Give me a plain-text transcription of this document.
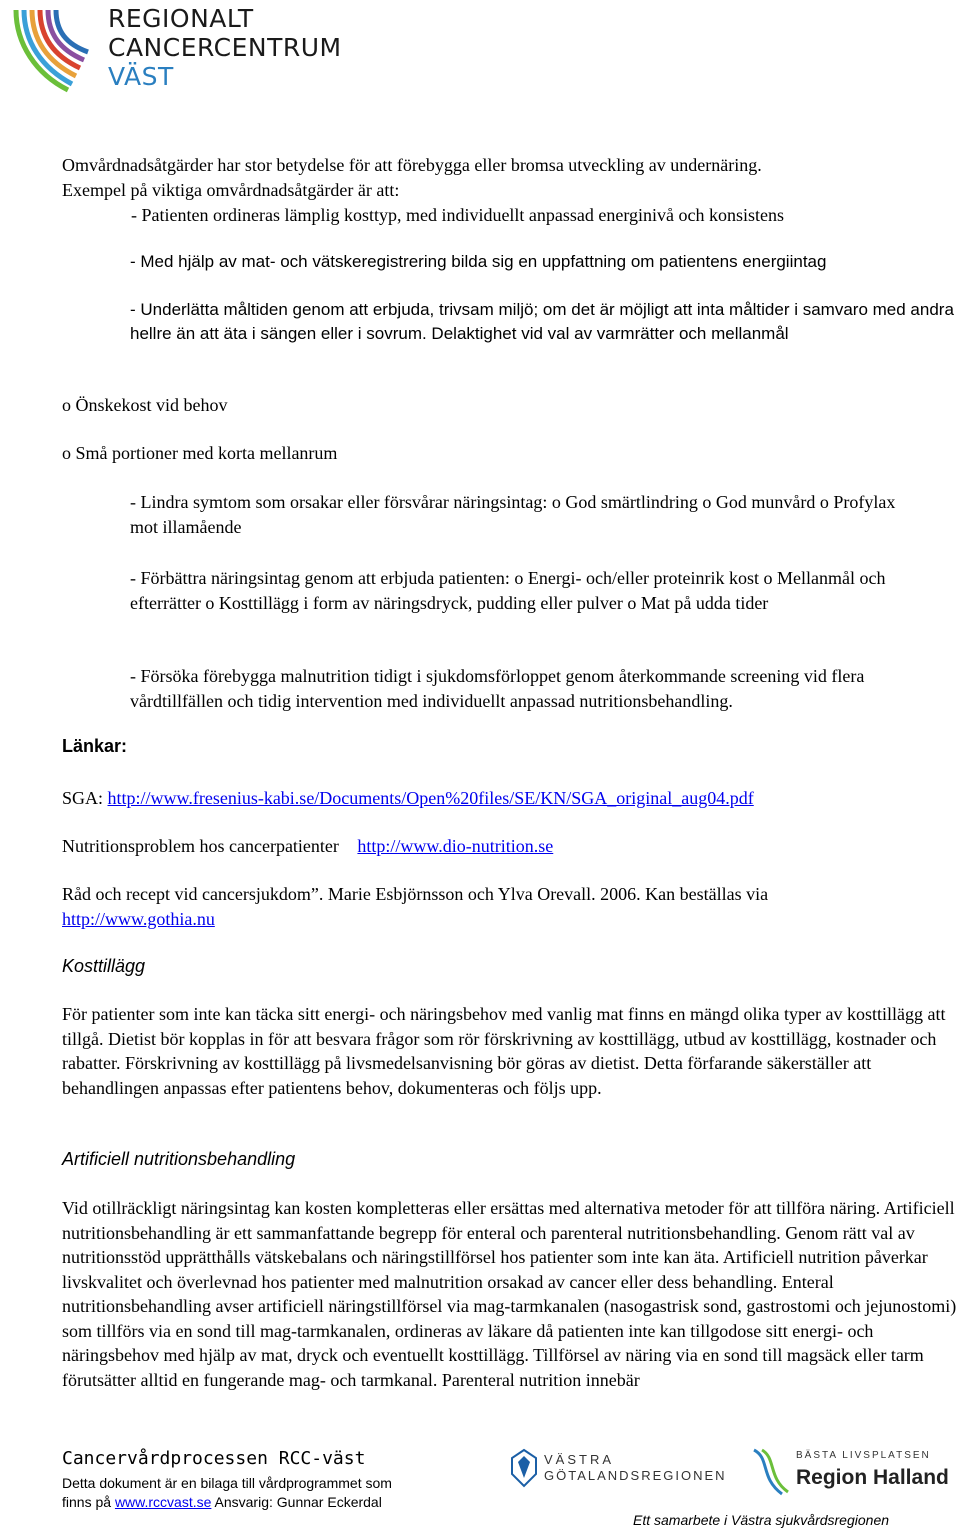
REGIONALT
CANCERCENTRUM
VÄST

Omvårdnadsåtgärder har stor betydelse för att förebygga eller bromsa utveckling av undernäring.

Exempel på viktiga omvårdnadsåtgärder är att:

- Patienten ordineras lämplig kosttyp, med individuellt anpassad energinivå och konsistens

- Med hjälp av mat- och vätskeregistrering bilda sig en uppfattning om patientens energiintag

- Underlätta måltiden genom att erbjuda, trivsam miljö; om det är möjligt att inta måltider i samvaro med andra hellre än att äta i sängen eller i sovrum. Delaktighet vid val av varmrätter och mellanmål

o Önskekost vid behov

o Små portioner med korta mellanrum

- Lindra symtom som orsakar eller försvårar näringsintag: o God smärtlindring o God munvård o Profylax mot illamående

- Förbättra näringsintag genom att erbjuda patienten: o Energi- och/eller proteinrik kost o Mellanmål och efterrätter o Kosttillägg i form av näringsdryck, pudding eller pulver o Mat på udda tider

- Försöka förebygga malnutrition tidigt i sjukdomsförloppet genom återkommande screening vid flera vårdtillfällen och tidig intervention med individuellt anpassad nutritionsbehandling.

Länkar:

SGA: http://www.fresenius-kabi.se/Documents/Open%20files/SE/KN/SGA_original_aug04.pdf

Nutritionsproblem hos cancerpatienter http://www.dio-nutrition.se

Råd och recept vid cancersjukdom”. Marie Esbjörnsson och Ylva Orevall. 2006. Kan beställas via
http://www.gothia.nu

Kosttillägg

För patienter som inte kan täcka sitt energi- och näringsbehov med vanlig mat finns en mängd olika typer av kosttillägg att tillgå. Dietist bör kopplas in för att besvara frågor som rör förskrivning av kosttillägg, utbud av kosttillägg, kostnader och rabatter. Förskrivning av kosttillägg på livsmedelsanvisning bör göras av dietist. Detta förfarande säkerställer att behandlingen anpassas efter patientens behov, dokumenteras och följs upp.

Artificiell nutritionsbehandling

Vid otillräckligt näringsintag kan kosten kompletteras eller ersättas med alternativa metoder för att tillföra näring. Artificiell nutritionsbehandling är ett sammanfattande begrepp för enteral och parenteral nutritionsbehandling. Genom rätt val av nutritionsstöd upprätthålls vätskebalans och näringstillförsel hos patienter som inte kan äta. Artificiell nutrition påverkar livskvalitet och överlevnad hos patienter med malnutrition orsakad av cancer eller dess behandling. Enteral nutritionsbehandling avser artificiell näringstillförsel via mag-tarmkanalen (nasogastrisk sond, gastrostomi och jejunostomi) som tillförs via en sond till mag-tarmkanalen, ordineras av läkare då patienten inte kan tillgodose sitt energi- och näringsbehov med hjälp av mat, dryck och eventuellt kosttillägg. Tillförsel av näring via en sond till magsäck eller tarm förutsätter alltid en fungerande mag- och tarmkanal. Parenteral nutrition innebär

Cancervårdprocessen RCC-väst
Detta dokument är en bilaga till vårdprogrammet som
finns på www.rccvast.se Ansvarig: Gunnar Eckerdal
VÄSTRA
GÖTALANDSREGIONEN
BÄSTA LIVSPLATSEN
Region Halland
Ett samarbete i Västra sjukvårdsregionen
